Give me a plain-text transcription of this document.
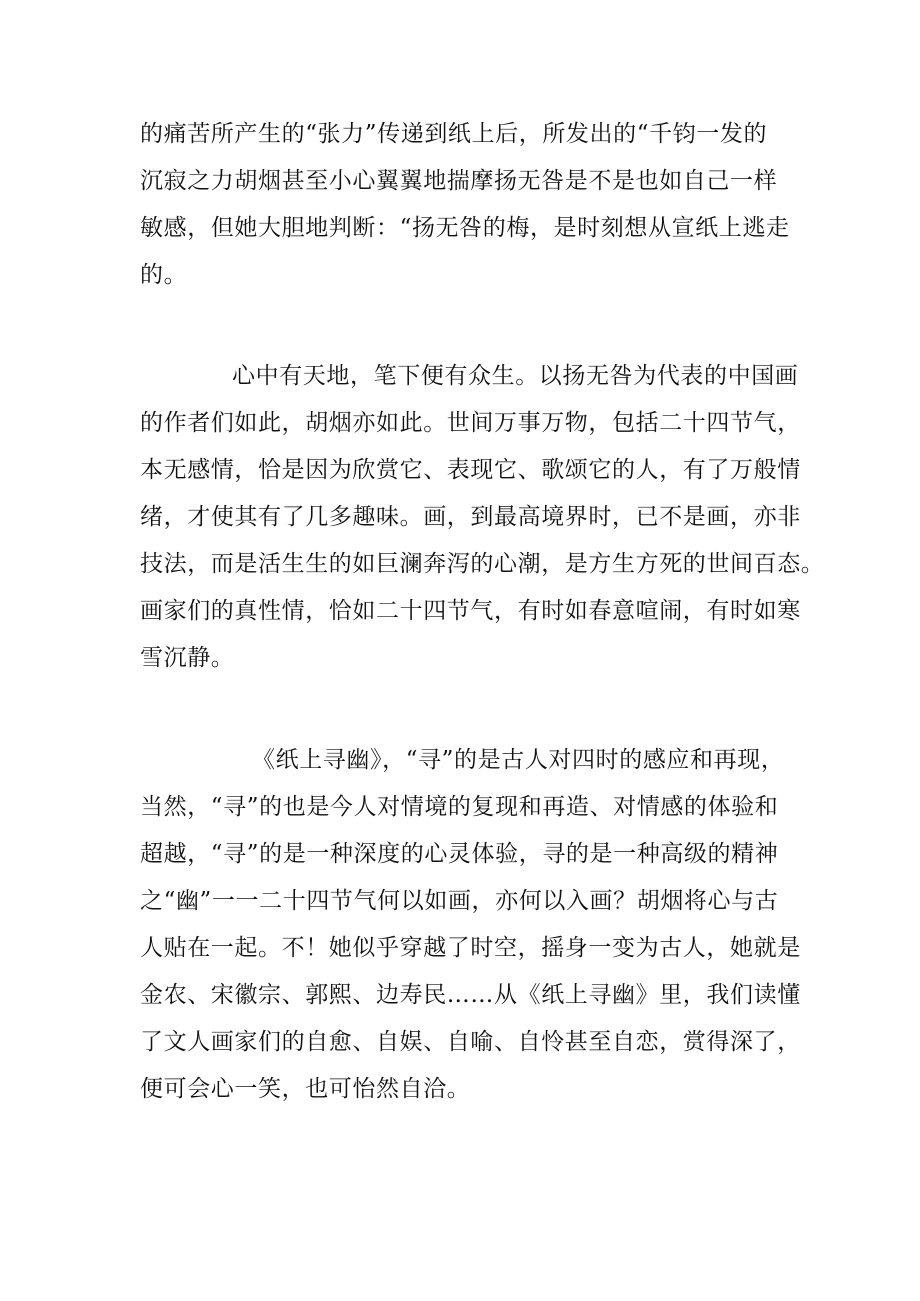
的痛苦所产生的“张力”传递到纸上后，所发出的“千钧一发的
沉寂之力胡烟甚至小心翼翼地揣摩扬无咎是不是也如自己一样
敏感，但她大胆地判断：“扬无咎的梅，是时刻想从宣纸上逃走
的。
心中有天地，笔下便有众生。以扬无咎为代表的中国画
的作者们如此，胡烟亦如此。世间万事万物，包括二十四节气，
本无感情，恰是因为欣赏它、表现它、歌颂它的人，有了万般情
绪，才使其有了几多趣味。画，到最高境界时，已不是画，亦非
技法，而是活生生的如巨澜奔泻的心潮，是方生方死的世间百态。
画家们的真性情，恰如二十四节气，有时如春意喧闹，有时如寒
雪沉静。
《纸上寻幽》，“寻”的是古人对四时的感应和再现，
当然，“寻”的也是今人对情境的复现和再造、对情感的体验和
超越，“寻”的是一种深度的心灵体验，寻的是一种高级的精神
之“幽”一一二十四节气何以如画，亦何以入画？胡烟将心与古
人贴在一起。不！她似乎穿越了时空，摇身一变为古人，她就是
金农、宋徽宗、郭熙、边寿民……从《纸上寻幽》里，我们读懂
了文人画家们的自愈、自娱、自喻、自怜甚至自恋，赏得深了，
便可会心一笑，也可怡然自洽。
